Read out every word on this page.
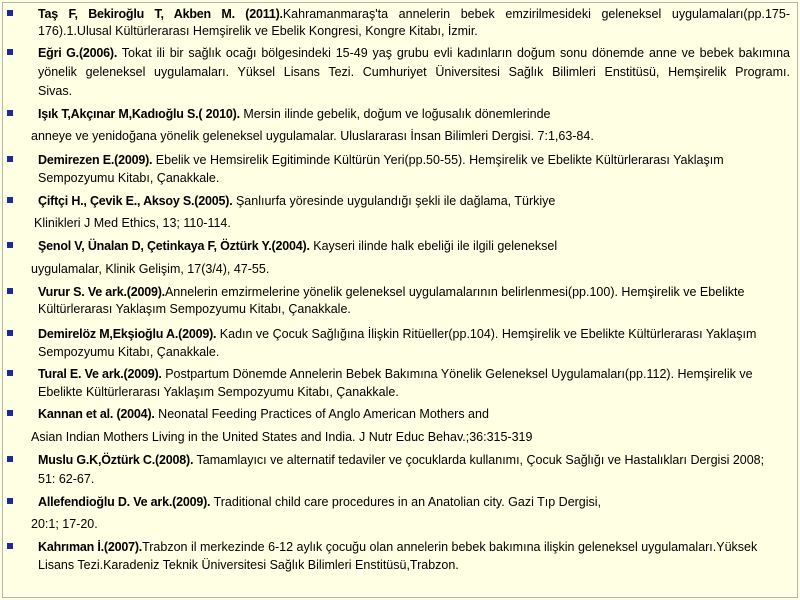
Taş F, Bekiroğlu T, Akben M. (2011).Kahramanmaraş'ta annelerin bebek emzirilmesideki geleneksel uygulamaları(pp.175-
176).1.Ulusal Kültürlerarası Hemşirelik ve Ebelik Kongresi, Kongre Kitabı, İzmir.
Eğri G.(2006). Tokat ili bir sağlık ocağı bölgesindeki 15-49 yaş grubu evli kadınların doğum sonu dönemde anne ve bebek bakımına
yönelik geleneksel uygulamaları. Yüksel Lisans Tezi. Cumhuriyet Üniversitesi Sağlık Bilimleri Enstitüsü, Hemşirelik Programı.
Sivas.
Işık T,Akçınar M,Kadıoğlu S.( 2010). Mersin ilinde gebelik, doğum ve loğusalık dönemlerinde
anneye ve yenidoğana yönelik geleneksel uygulamalar. Uluslararası İnsan Bilimleri Dergisi. 7:1,63-84.
Demirezen E.(2009). Ebelik ve Hemsirelik Egitiminde Kültürün Yeri(pp.50-55). Hemşirelik ve Ebelikte Kültürlerarası Yaklaşım
Sempozyumu Kitabı, Çanakkale.
Çiftçi H., Çevik E., Aksoy S.(2005). Şanlıurfa yöresinde uygulandığı şekli ile dağlama, Türkiye
Klinikleri J Med Ethics, 13; 110-114.
Şenol V, Ünalan D, Çetinkaya F, Öztürk Y.(2004). Kayseri ilinde halk ebeliği ile ilgili geleneksel
uygulamalar, Klinik Gelişim, 17(3/4), 47-55.
Vurur S. Ve ark.(2009).Annelerin emzirmelerine yönelik geleneksel uygulamalarının belirlenmesi(pp.100). Hemşirelik ve Ebelikte
Kültürlerarası Yaklaşım Sempozyumu Kitabı, Çanakkale.
Demirelöz M,Ekşioğlu A.(2009). Kadın ve Çocuk Sağlığına İlişkin Ritüeller(pp.104). Hemşirelik ve Ebelikte Kültürlerarası Yaklaşım
Sempozyumu Kitabı, Çanakkale.
Tural E. Ve ark.(2009). Postpartum Dönemde Annelerin Bebek Bakımına Yönelik Geleneksel Uygulamaları(pp.112). Hemşirelik ve
Ebelikte Kültürlerarası Yaklaşım Sempozyumu Kitabı, Çanakkale.
Kannan et al. (2004). Neonatal Feeding Practices of Anglo American Mothers and
Asian Indian Mothers Living in the United States and India. J Nutr Educ Behav.;36:315-319
Muslu G.K,Öztürk C.(2008). Tamamlayıcı ve alternatif tedaviler ve çocuklarda kullanımı, Çocuk Sağlığı ve Hastalıkları Dergisi 2008;
51: 62-67.
Allefendioğlu D. Ve ark.(2009). Traditional child care procedures in an Anatolian city. Gazi Tıp Dergisi,
20:1; 17-20.
Kahrıman İ.(2007).Trabzon il merkezinde 6-12 aylık çocuğu olan annelerin bebek bakımına ilişkin geleneksel uygulamaları.Yüksek
Lisans Tezi.Karadeniz Teknik Üniversitesi Sağlık Bilimleri Enstitüsü,Trabzon.
